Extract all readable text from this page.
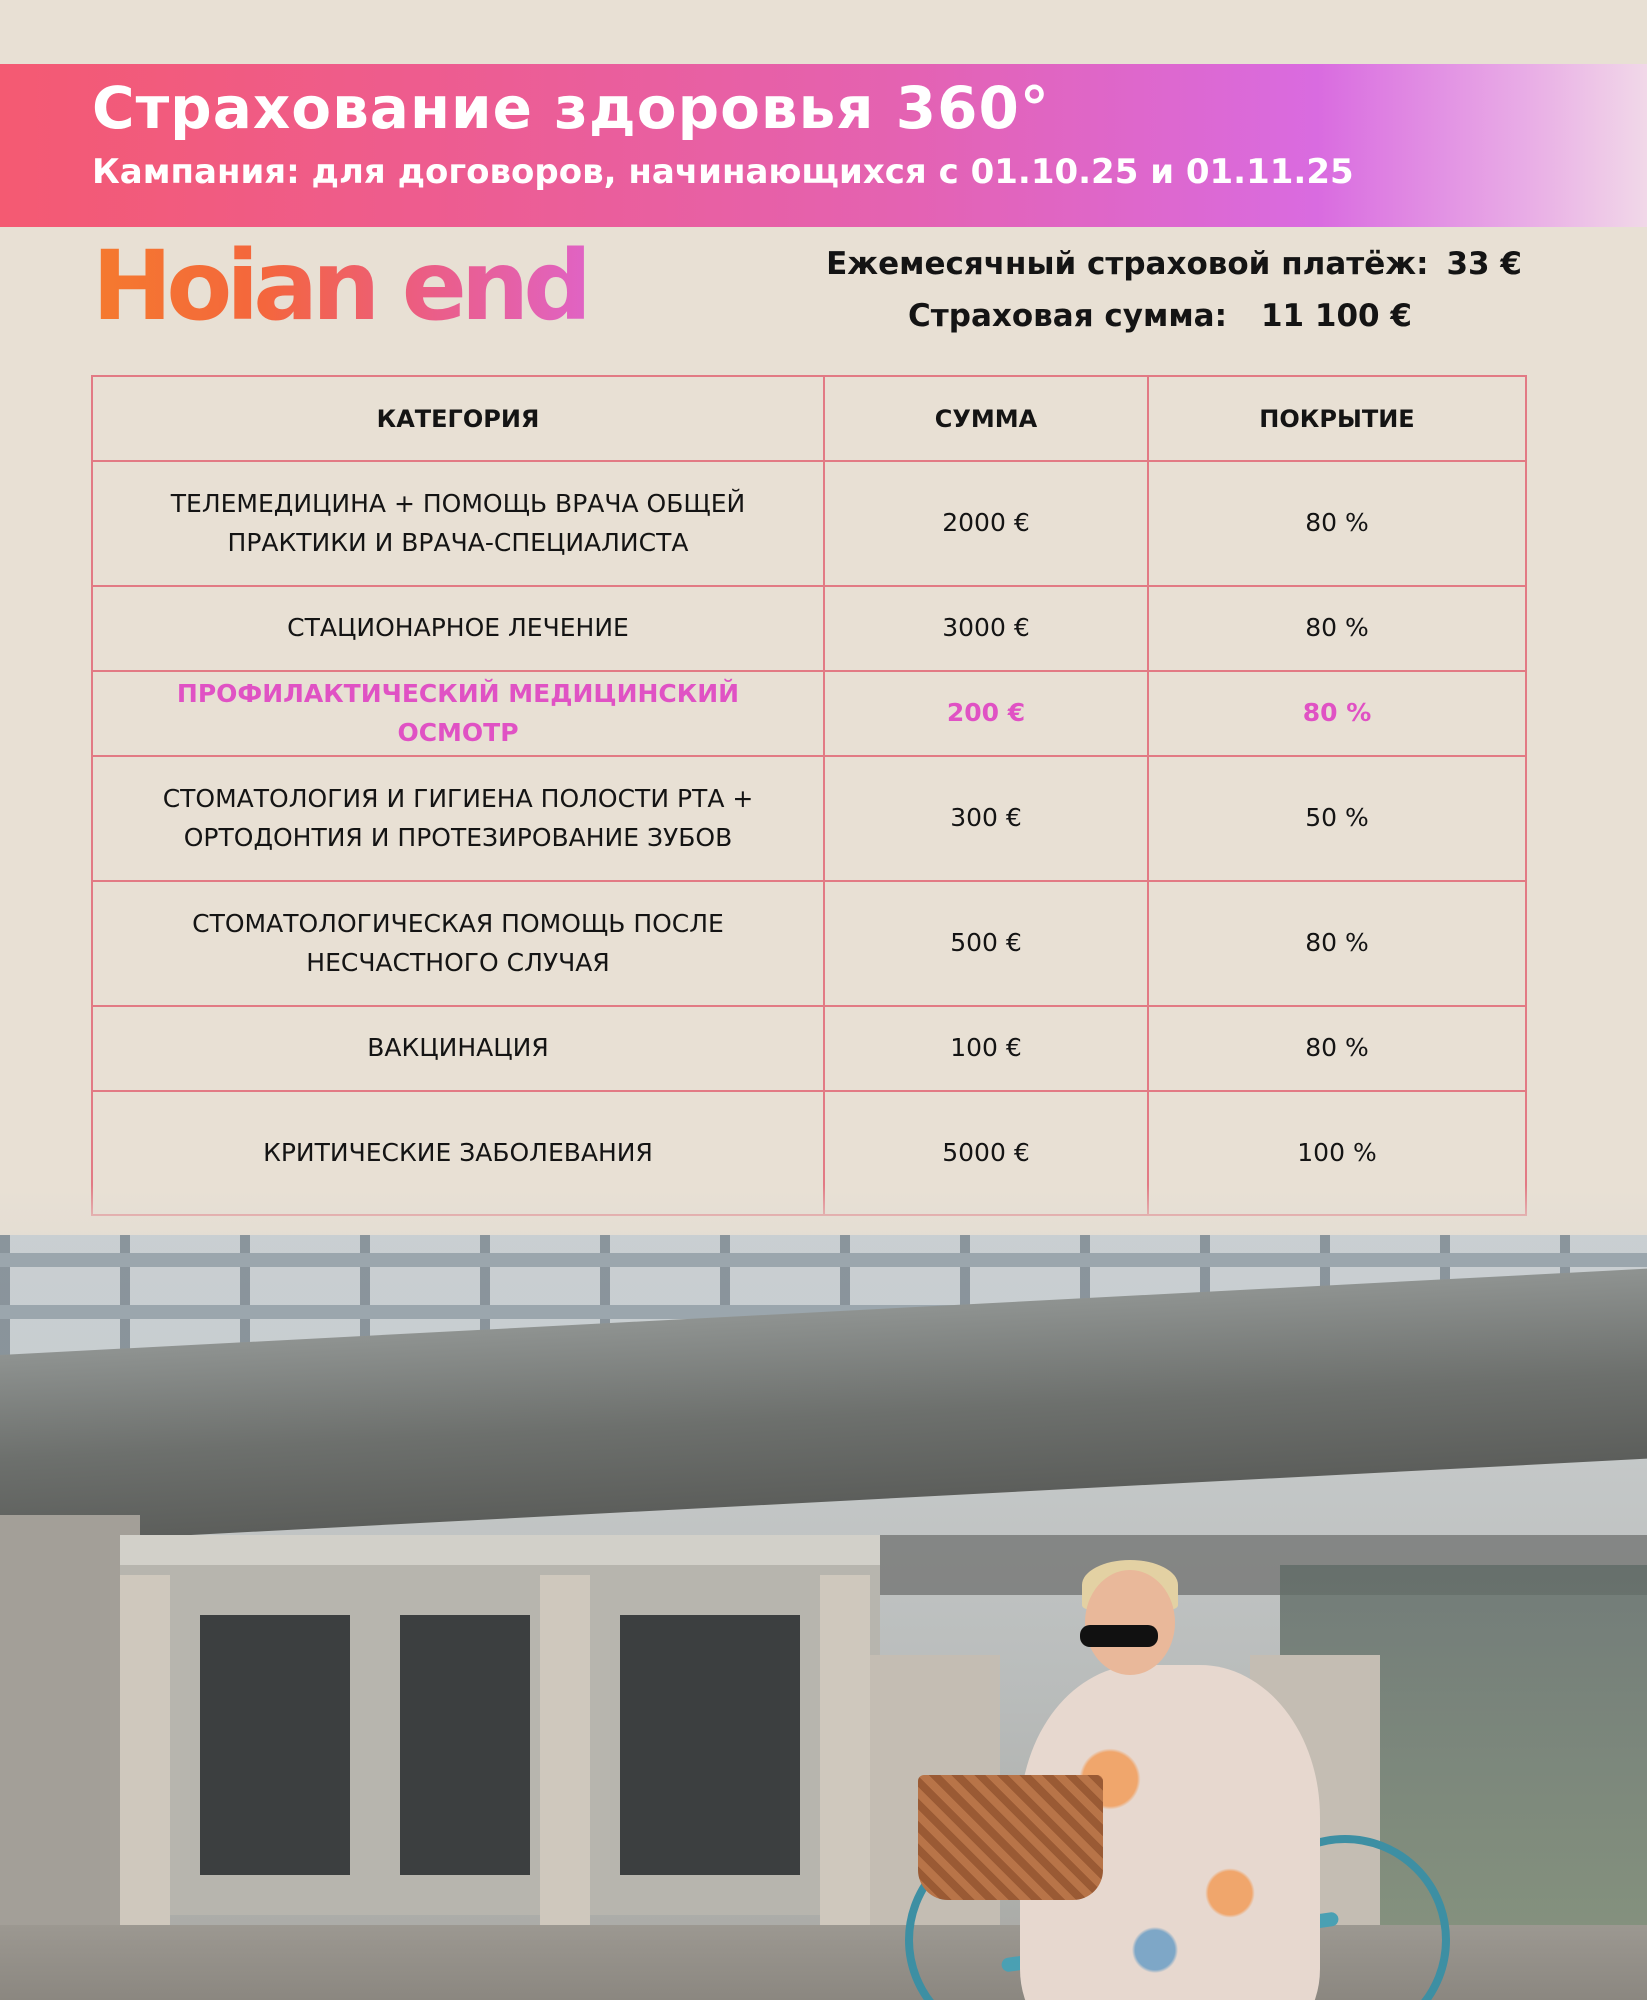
Страхование здоровья 360°
Кампания: для договоров, начинающихся с 01.10.25 и 01.11.25
Hoian end	Ежемесячный страховой платёж: 33 €
Страховая сумма: 11 100 €
КАТЕГОРИЯ	СУММА	ПОКРЫТИЕ
ТЕЛЕМЕДИЦИНА + ПОМОЩЬ ВРАЧА ОБЩЕЙ ПРАКТИКИ И ВРАЧА-СПЕЦИАЛИСТА	2000 €	80 %
СТАЦИОНАРНОЕ ЛЕЧЕНИЕ	3000 €	80 %
ПРОФИЛАКТИЧЕСКИЙ МЕДИЦИНСКИЙ ОСМОТР	200 €	80 %
СТОМАТОЛОГИЯ И ГИГИЕНА ПОЛОСТИ РТА + ОРТОДОНТИЯ И ПРОТЕЗИРОВАНИЕ ЗУБОВ	300 €	50 %
СТОМАТОЛОГИЧЕСКАЯ ПОМОЩЬ ПОСЛЕ НЕСЧАСТНОГО СЛУЧАЯ	500 €	80 %
ВАКЦИНАЦИЯ	100 €	80 %
КРИТИЧЕСКИЕ ЗАБОЛЕВАНИЯ	5000 €	100 %
